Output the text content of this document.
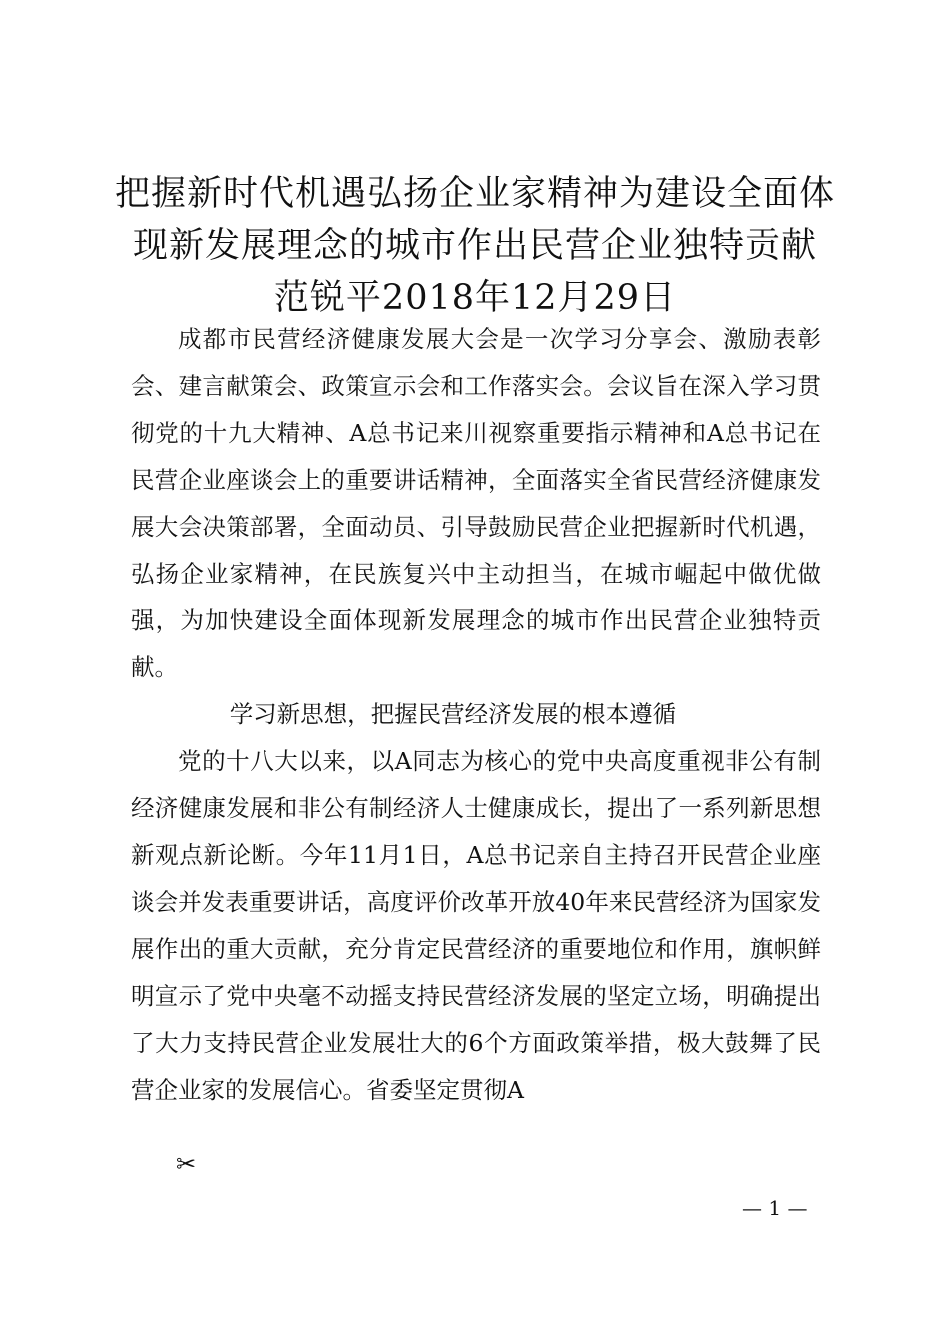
把握新时代机遇弘扬企业家精神为建设全面体
现新发展理念的城市作出民营企业独特贡献
范锐平2018年12月29日

成都市民营经济健康发展大会是一次学习分享会、激励表彰会、建言献策会、政策宣示会和工作落实会。会议旨在深入学习贯彻党的十九大精神、A总书记来川视察重要指示精神和A总书记在民营企业座谈会上的重要讲话精神，全面落实全省民营经济健康发展大会决策部署，全面动员、引导鼓励民营企业把握新时代机遇，弘扬企业家精神，在民族复兴中主动担当，在城市崛起中做优做强，为加快建设全面体现新发展理念的城市作出民营企业独特贡献。

学习新思想，把握民营经济发展的根本遵循

党的十八大以来，以A同志为核心的党中央高度重视非公有制经济健康发展和非公有制经济人士健康成长，提出了一系列新思想新观点新论断。今年11月1日，A总书记亲自主持召开民营企业座谈会并发表重要讲话，高度评价改革开放40年来民营经济为国家发展作出的重大贡献，充分肯定民营经济的重要地位和作用，旗帜鲜明宣示了党中央毫不动摇支持民营经济发展的坚定立场，明确提出了大力支持民营企业发展壮大的6个方面政策举措，极大鼓舞了民营企业家的发展信心。省委坚定贯彻A

✂
— 1 —
